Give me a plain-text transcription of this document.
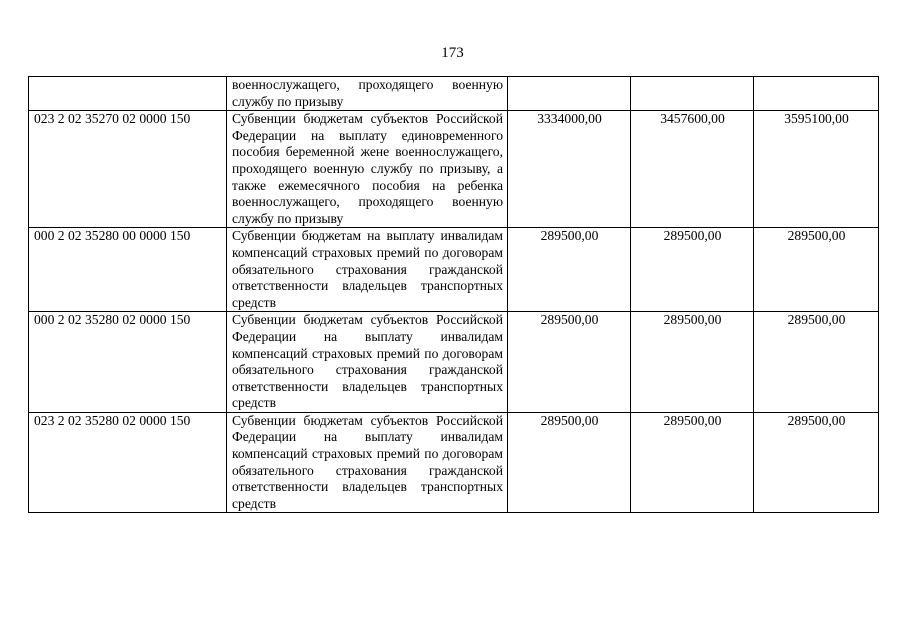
173
	военнослужащего, проходящего военную службу по призыву			
023 2 02 35270 02 0000 150	Субвенции бюджетам субъектов Российской Федерации на выплату единовременного пособия беременной жене военнослужащего, проходящего военную службу по призыву, а также ежемесячного пособия на ребенка военнослужащего, проходящего военную службу по призыву	3334000,00	3457600,00	3595100,00
000 2 02 35280 00 0000 150	Субвенции бюджетам на выплату инвалидам компенсаций страховых премий по договорам обязательного страхования гражданской ответственности владельцев транспортных средств	289500,00	289500,00	289500,00
000 2 02 35280 02 0000 150	Субвенции бюджетам субъектов Российской Федерации на выплату инвалидам компенсаций страховых премий по договорам обязательного страхования гражданской ответственности владельцев транспортных средств	289500,00	289500,00	289500,00
023 2 02 35280 02 0000 150	Субвенции бюджетам субъектов Российской Федерации на выплату инвалидам компенсаций страховых премий по договорам обязательного страхования гражданской ответственности владельцев транспортных средств	289500,00	289500,00	289500,00
